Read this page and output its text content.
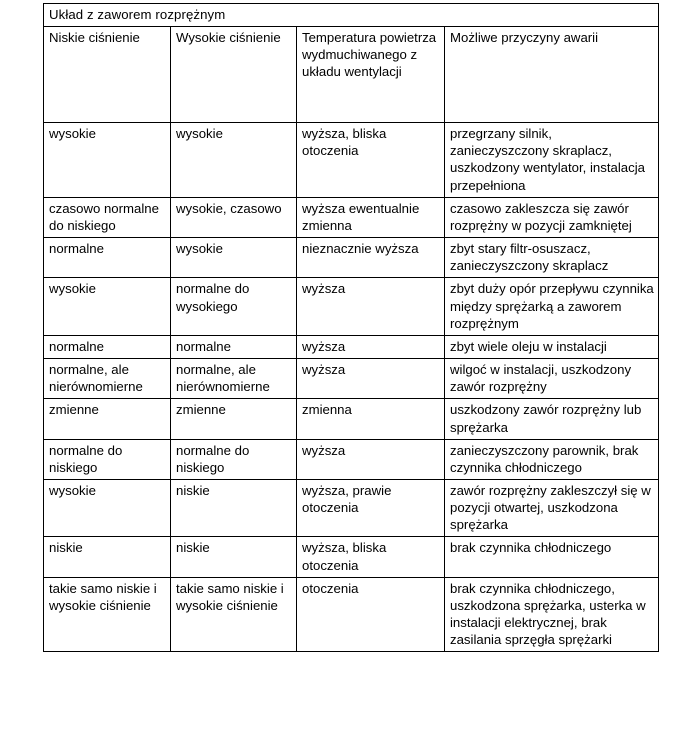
Układ z zaworem rozprężnym			
Niskie ciśnienie	Wysokie ciśnienie	Temperatura powietrza wydmuchiwanego z układu wentylacji	Możliwe przyczyny awarii
wysokie	wysokie	wyższa, bliska otoczenia	przegrzany silnik, zanieczyszczony skraplacz, uszkodzony wentylator, instalacja przepełniona
czasowo normalne do niskiego	wysokie, czasowo	wyższa ewentualnie zmienna	czasowo zakleszcza się zawór rozprężny w pozycji zamkniętej
normalne	wysokie	nieznacznie wyższa	zbyt stary filtr-osuszacz, zanieczyszczony skraplacz
wysokie	normalne do wysokiego	wyższa	zbyt duży opór przepływu czynnika między sprężarką a zaworem rozprężnym
normalne	normalne	wyższa	zbyt wiele oleju w instalacji
normalne, ale nierównomierne	normalne, ale nierównomierne	wyższa	wilgoć w instalacji, uszkodzony zawór rozprężny
zmienne	zmienne	zmienna	uszkodzony zawór rozprężny lub sprężarka
normalne do niskiego	normalne do niskiego	wyższa	zanieczyszczony parownik, brak czynnika chłodniczego
wysokie	niskie	wyższa, prawie otoczenia	zawór rozprężny zakleszczył się w pozycji otwartej, uszkodzona sprężarka
niskie	niskie	wyższa, bliska otoczenia	brak czynnika chłodniczego
takie samo niskie i wysokie ciśnienie	takie samo niskie i wysokie ciśnienie	otoczenia	brak czynnika chłodniczego, uszkodzona sprężarka, usterka w instalacji elektrycznej, brak zasilania sprzęgła sprężarki
